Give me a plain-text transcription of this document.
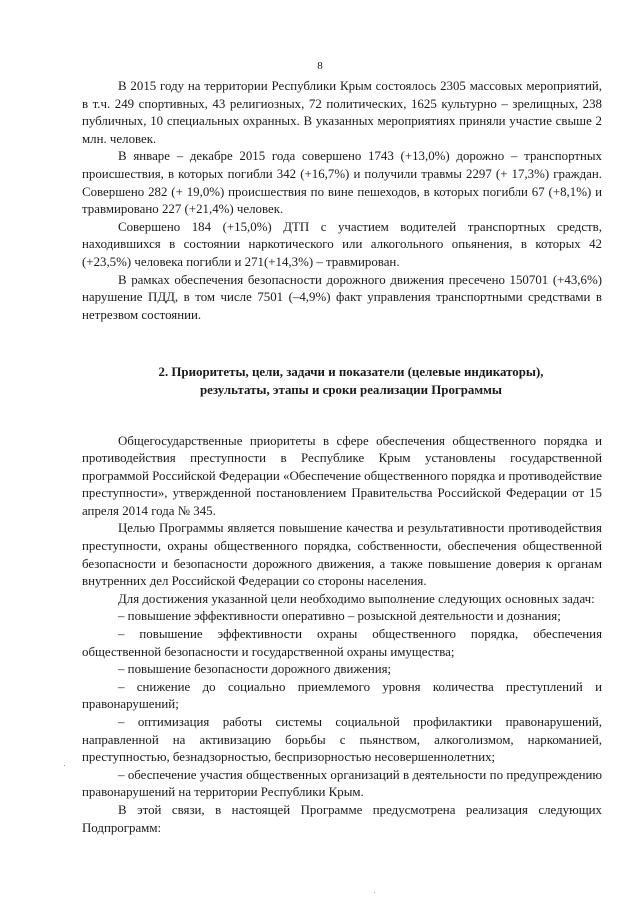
8

В 2015 году на территории Республики Крым состоялось 2305 массовых мероприятий, в т.ч. 249 спортивных, 43 религиозных, 72 политических, 1625 культурно – зрелищных, 238 публичных, 10 специальных охранных. В указанных мероприятиях приняли участие свыше 2 млн. человек.

В январе – декабре 2015 года совершено 1743 (+13,0%) дорожно – транспортных происшествия, в которых погибли 342 (+16,7%) и получили травмы 2297 (+ 17,3%) граждан. Совершено 282 (+ 19,0%) происшествия по вине пешеходов, в которых погибли 67 (+8,1%) и травмировано 227 (+21,4%) человек.

Совершено 184 (+15,0%) ДТП с участием водителей транспортных средств, находившихся в состоянии наркотического или алкогольного опьянения, в которых 42 (+23,5%) человека погибли и 271(+14,3%) – травмирован.

В рамках обеспечения безопасности дорожного движения пресечено 150701 (+43,6%) нарушение ПДД, в том числе 7501 (–4,9%) факт управления транспортными средствами в нетрезвом состоянии.

2. Приоритеты, цели, задачи и показатели (целевые индикаторы),
результаты, этапы и сроки реализации Программы

Общегосударственные приоритеты в сфере обеспечения общественного порядка и противодействия преступности в Республике Крым установлены государственной программой Российской Федерации «Обеспечение общественного порядка и противодействие преступности», утвержденной постановлением Правительства Российской Федерации от 15 апреля 2014 года № 345.

Целью Программы является повышение качества и результативности противодействия преступности, охраны общественного порядка, собственности, обеспечения общественной безопасности и безопасности дорожного движения, а также повышение доверия к органам внутренних дел Российской Федерации со стороны населения.

Для достижения указанной цели необходимо выполнение следующих основных задач:

– повышение эффективности оперативно – розыскной деятельности и дознания;

– повышение эффективности охраны общественного порядка, обеспечения общественной безопасности и государственной охраны имущества;

– повышение безопасности дорожного движения;

– снижение до социально приемлемого уровня количества преступлений и правонарушений;

– оптимизация работы системы социальной профилактики правонарушений, направленной на активизацию борьбы с пьянством, алкоголизмом, наркоманией, преступностью, безнадзорностью, беспризорностью несовершеннолетних;

– обеспечение участия общественных организаций в деятельности по предупреждению правонарушений на территории Республики Крым.

В этой связи, в настоящей Программе предусмотрена реализация следующих Подпрограмм:
